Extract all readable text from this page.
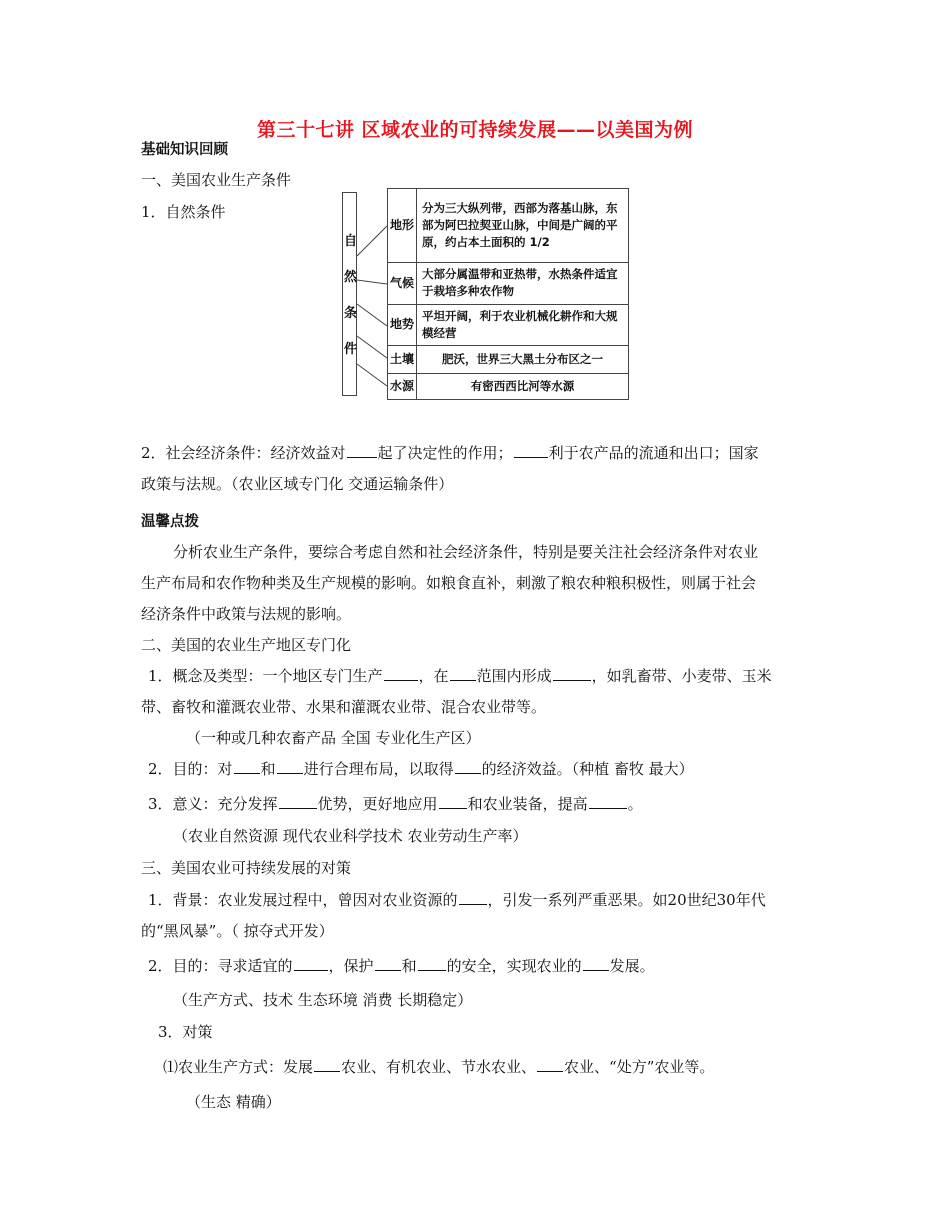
第三十七讲 区域农业的可持续发展——以美国为例
基础知识回顾
一、美国农业生产条件
1．自然条件
自
然
条
件
地形	分为三大纵列带，西部为落基山脉，东部为阿巴拉契亚山脉，中间是广阔的平原，约占本土面积的 1/2
气候	大部分属温带和亚热带，水热条件适宜于栽培多种农作物
地势	平坦开阔，利于农业机械化耕作和大规模经营
土壤	肥沃，世界三大黑土分布区之一
水源	有密西西比河等水源
2．社会经济条件：经济效益对 起了决定性的作用； 利于农产品的流通和出口；国家
政策与法规。（农业区域专门化 交通运输条件）
温馨点拨
分析农业生产条件，要综合考虑自然和社会经济条件，特别是要关注社会经济条件对农业
生产布局和农作物种类及生产规模的影响。如粮食直补，刺激了粮农种粮积极性，则属于社会
经济条件中政策与法规的影响。
二、美国的农业生产地区专门化
1．概念及类型：一个地区专门生产 ，在 范围内形成	，如乳畜带、小麦带、玉米
带、畜牧和灌溉农业带、水果和灌溉农业带、混合农业带等。
（一种或几种农畜产品 全国 专业化生产区）
2．目的：对 和 进行合理布局，以取得 的经济效益。（种植 畜牧 最大）
3．意义：充分发挥	优势，更好地应用 和农业装备，提高	。
（农业自然资源 现代农业科学技术 农业劳动生产率）
三、美国农业可持续发展的对策
1．背景：农业发展过程中，曾因对农业资源的 ，引发一系列严重恶果。如20世纪30年代
的“黑风暴”。（ 掠夺式开发）
2．目的：寻求适宜的 ，保护 和 的安全，实现农业的 发展。
（生产方式、技术 生态环境 消费 长期稳定）
3．对策
⑴农业生产方式：发展 农业、有机农业、节水农业、 农业、“处方”农业等。
（生态 精确）
